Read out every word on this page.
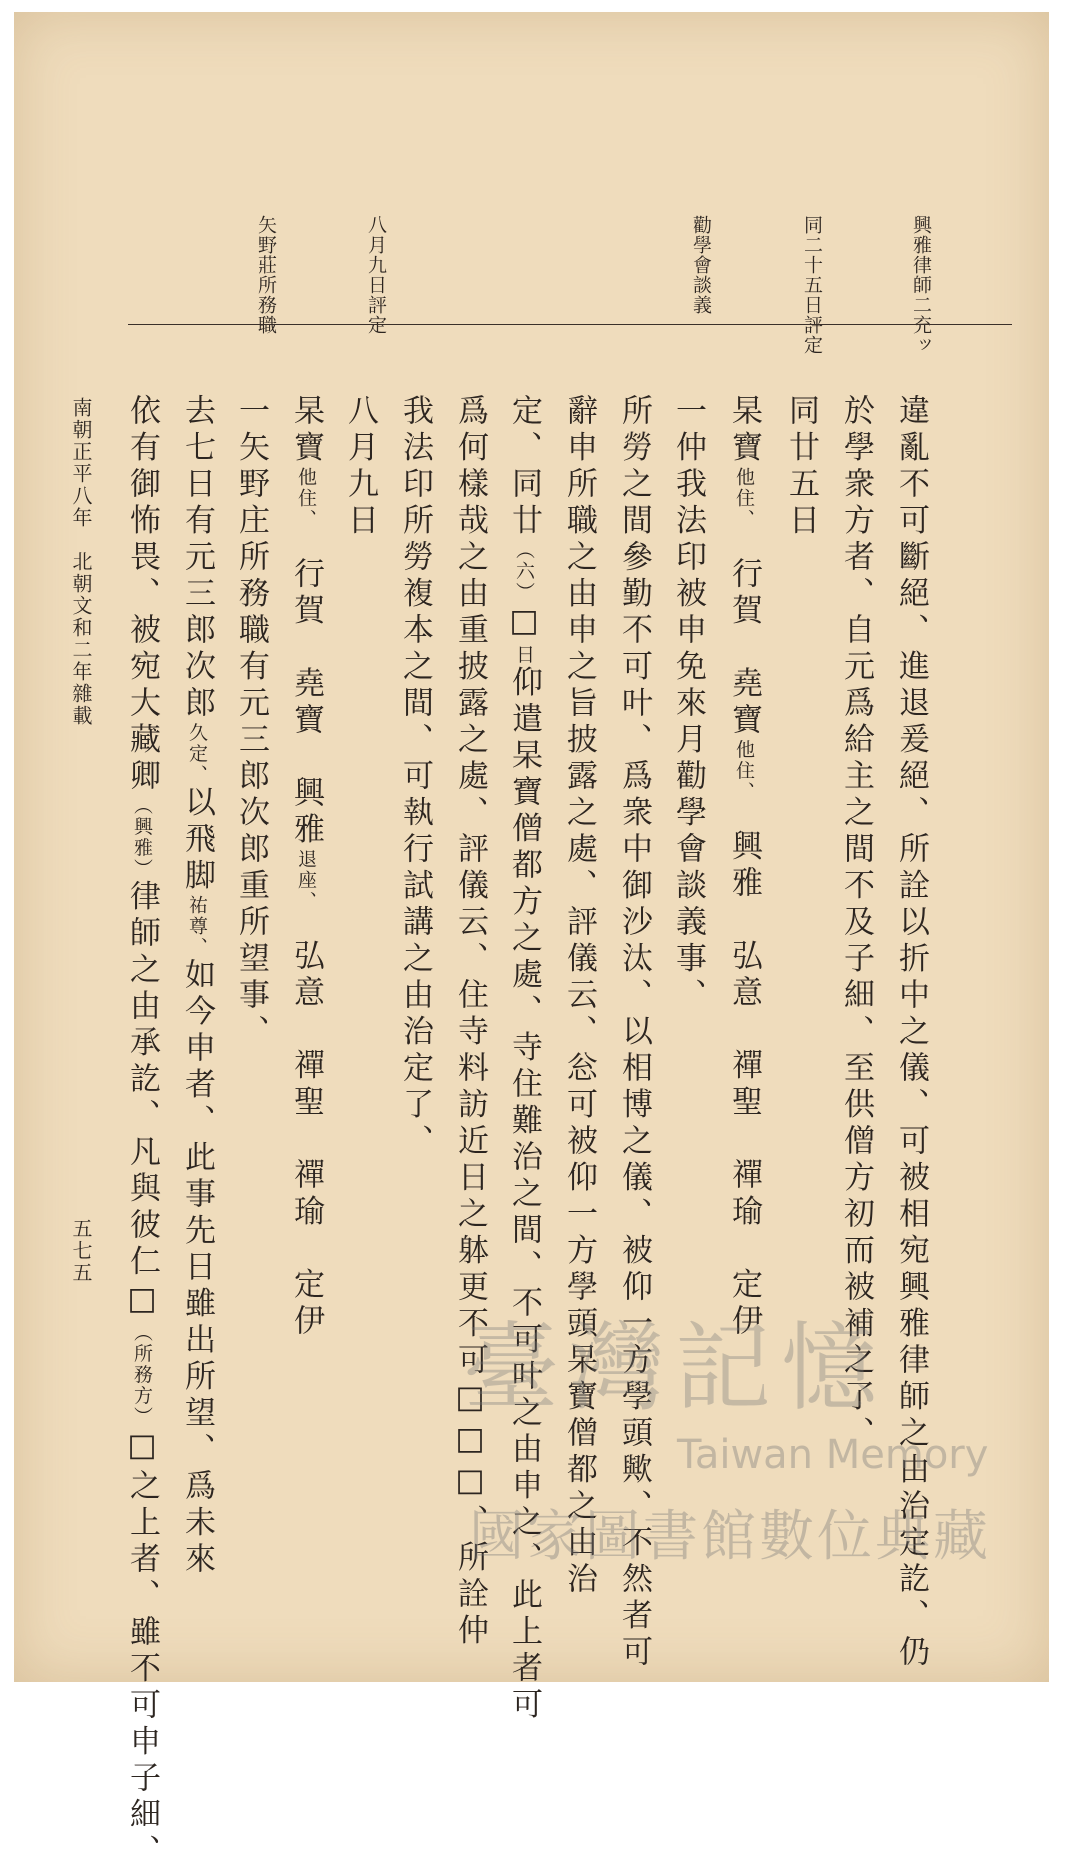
興雅律師二充ッ
同二十五日評定
勸學會談義
八月九日評定
矢野莊所務職
違亂不可斷絕、進退爰絕、所詮以折中之儀、可被相宛興雅律師之由治定訖、仍
於學衆方者、自元爲給主之間不及子細、至供僧方初而被補之了、
同廿五日
杲寶他住、　行賀　堯寶他住、　興雅　弘意　禪聖　禪瑜　定伊
一仲我法印被申免來月勸學會談義事、
所勞之間參勤不可叶、爲衆中御沙汰、以相博之儀、被仰一方學頭歟、不然者可
辭申所職之由申之旨披露之處、評儀云、忩可被仰一方學頭杲寶僧都之由治
定、同廿（六）□日仰遣杲寶僧都方之處、寺住難治之間、不可叶之由申之、此上者可
爲何樣哉之由重披露之處、評儀云、住寺料訪近日之躰更不可□□□、所詮仲
我法印所勞複本之間、可執行試講之由治定了、
八月九日
杲寶他住、　行賀　堯寶　興雅退座、　弘意　禪聖　禪瑜　定伊
一矢野庄所務職有元三郎次郎重所望事、
去七日有元三郎次郎久定、以飛脚祐尊、如今申者、此事先日雖出所望、爲未來
依有御怖畏、被宛大藏卿（興雅）律師之由承訖、凡與彼仁□（所務方）□之上者、雖不可申子細、
南朝正平八年　北朝文和二年雜載
五七五
臺灣記憶
Taiwan Memory
國家圖書館數位典藏
